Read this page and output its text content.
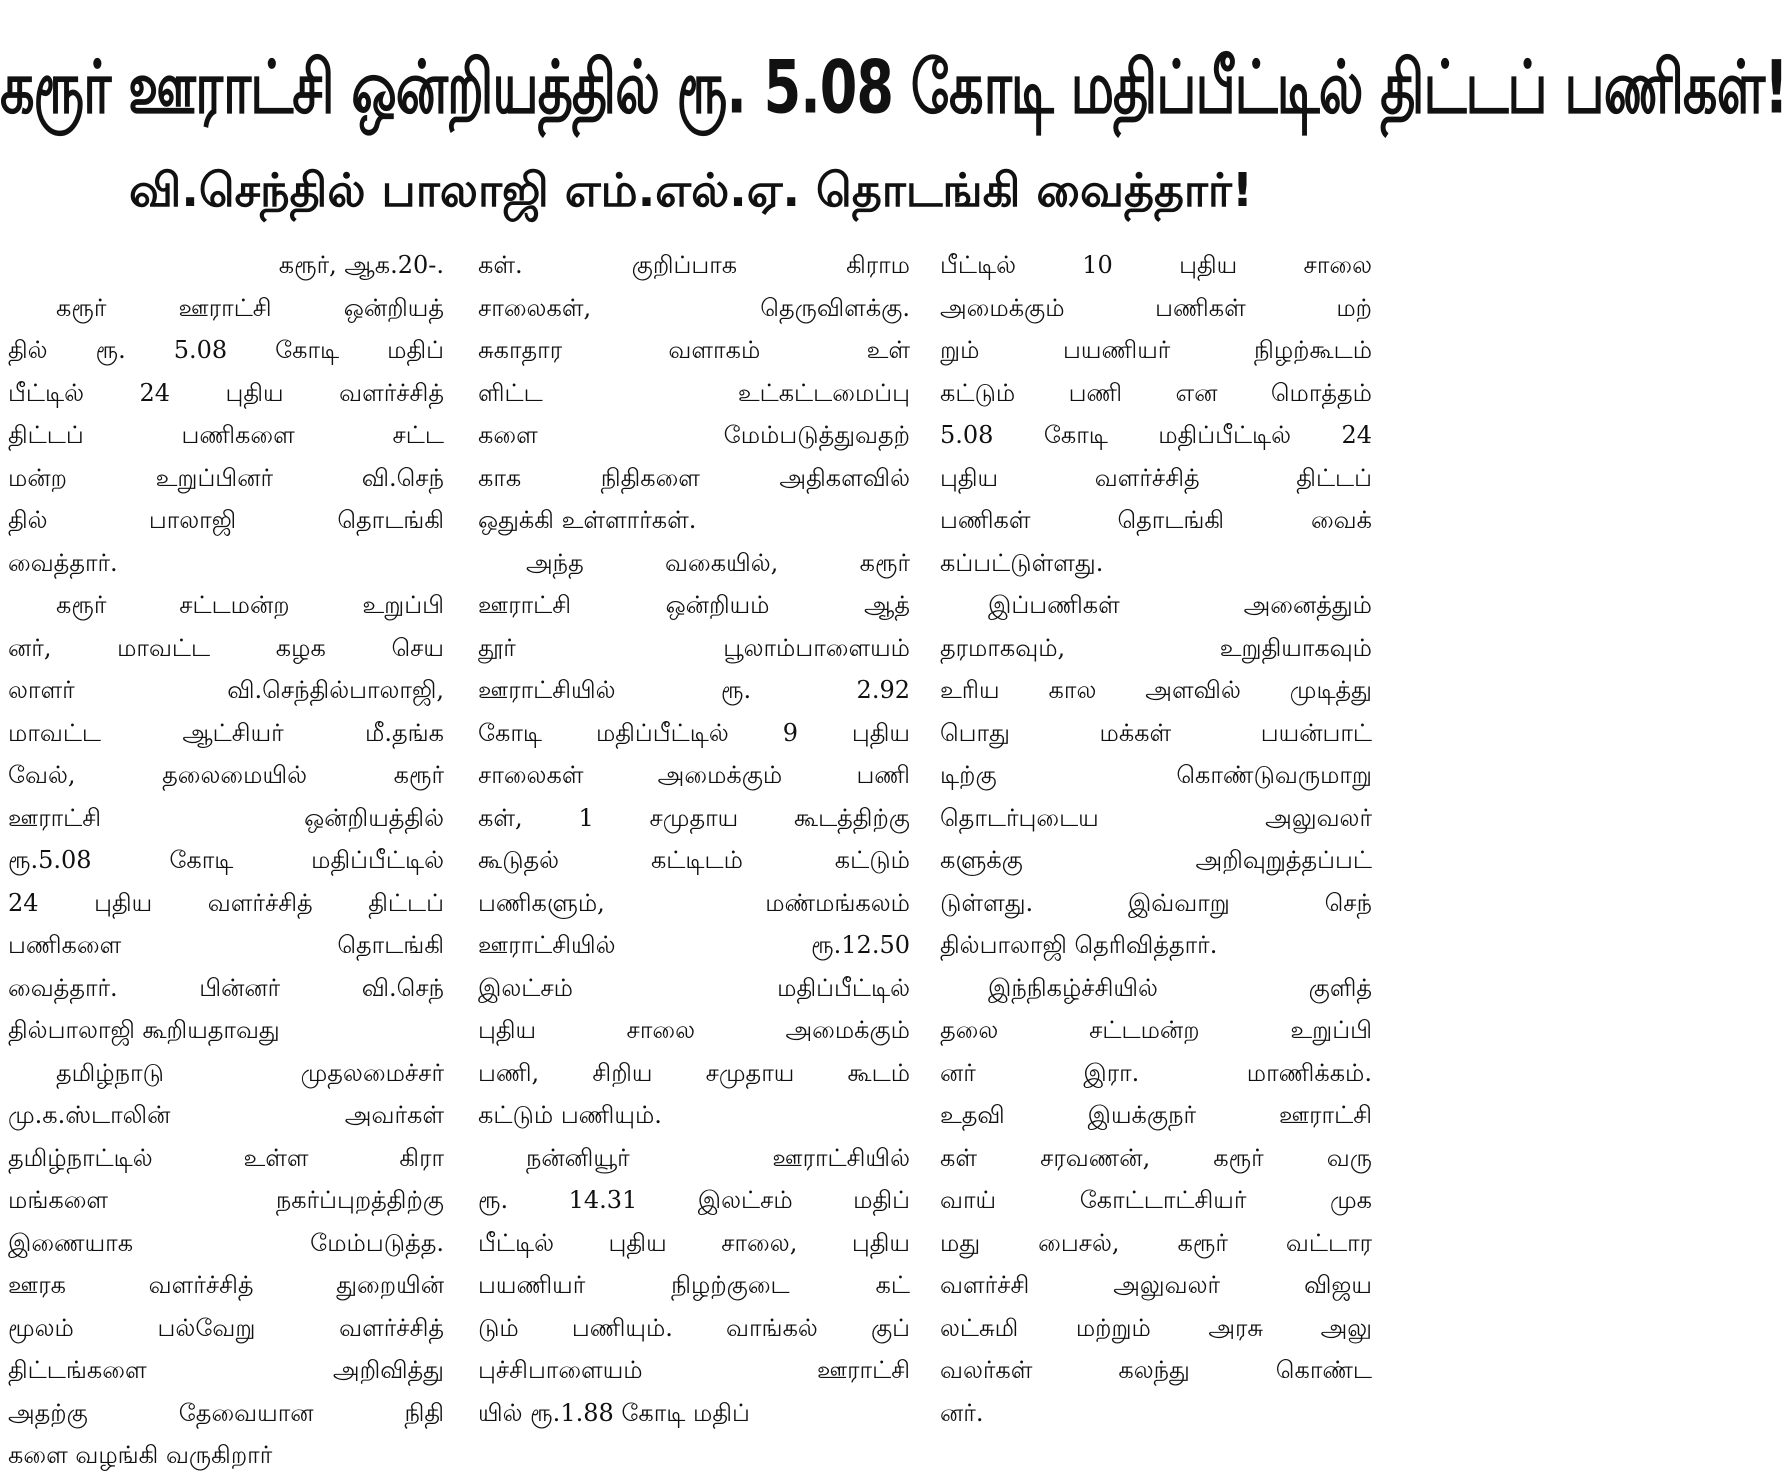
கரூர் ஊராட்சி ஒன்றியத்தில் ரூ. 5.08 கோடி மதிப்பீட்டில் திட்டப் பணிகள்!
வி.செந்தில் பாலாஜி எம்.எல்.ஏ. தொடங்கி வைத்தார்!
கரூர், ஆக.20-.
கரூர் ஊராட்சி ஒன்றியத்
தில் ரூ. 5.08 கோடி மதிப்
பீட்டில் 24 புதிய வளர்ச்சித்
திட்டப் பணிகளை சட்ட
மன்ற உறுப்பினர் வி.செந்
தில் பாலாஜி தொடங்கி
வைத்தார்.
கரூர் சட்டமன்ற உறுப்பி
னர், மாவட்ட கழக செய
லாளர் வி.செந்தில்பாலாஜி,
மாவட்ட ஆட்சியர் மீ.தங்க
வேல், தலைமையில் கரூர்
ஊராட்சி ஒன்றியத்தில்
ரூ.5.08 கோடி மதிப்பீட்டில்
24 புதிய வளர்ச்சித் திட்டப்
பணிகளை தொடங்கி
வைத்தார். பின்னர் வி.செந்
தில்பாலாஜி கூறியதாவது
தமிழ்நாடு முதலமைச்சர்
மு.க.ஸ்டாலின் அவர்கள்
தமிழ்நாட்டில் உள்ள கிரா
மங்களை நகர்ப்புறத்திற்கு
இணையாக மேம்படுத்த.
ஊரக வளர்ச்சித் துறையின்
மூலம் பல்வேறு வளர்ச்சித்
திட்டங்களை அறிவித்து
அதற்கு தேவையான நிதி
களை வழங்கி வருகிறார்
கள். குறிப்பாக கிராம
சாலைகள், தெருவிளக்கு.
சுகாதார வளாகம் உள்
ளிட்ட உட்கட்டமைப்பு
களை மேம்படுத்துவதற்
காக நிதிகளை அதிகளவில்
ஒதுக்கி உள்ளார்கள்.
அந்த வகையில், கரூர்
ஊராட்சி ஒன்றியம் ஆத்
தூர் பூலாம்பாளையம்
ஊராட்சியில் ரூ. 2.92
கோடி மதிப்பீட்டில் 9 புதிய
சாலைகள் அமைக்கும் பணி
கள், 1 சமுதாய கூடத்திற்கு
கூடுதல் கட்டிடம் கட்டும்
பணிகளும், மண்மங்கலம்
ஊராட்சியில் ரூ.12.50
இலட்சம் மதிப்பீட்டில்
புதிய சாலை அமைக்கும்
பணி, சிறிய சமுதாய கூடம்
கட்டும் பணியும்.
நன்னியூர் ஊராட்சியில்
ரூ. 14.31 இலட்சம் மதிப்
பீட்டில் புதிய சாலை, புதிய
பயணியர் நிழற்குடை கட்
டும் பணியும். வாங்கல் குப்
புச்சிபாளையம் ஊராட்சி
யில் ரூ.1.88 கோடி மதிப்
பீட்டில் 10 புதிய சாலை
அமைக்கும் பணிகள் மற்
றும் பயணியர் நிழற்கூடம்
கட்டும் பணி என மொத்தம்
5.08 கோடி மதிப்பீட்டில் 24
புதிய வளர்ச்சித் திட்டப்
பணிகள் தொடங்கி வைக்
கப்பட்டுள்ளது.
இப்பணிகள் அனைத்தும்
தரமாகவும், உறுதியாகவும்
உரிய கால அளவில் முடித்து
பொது மக்கள் பயன்பாட்
டிற்கு கொண்டுவருமாறு
தொடர்புடைய அலுவலர்
களுக்கு அறிவுறுத்தப்பட்
டுள்ளது. இவ்வாறு செந்
தில்பாலாஜி தெரிவித்தார்.
இந்நிகழ்ச்சியில் குளித்
தலை சட்டமன்ற உறுப்பி
னர் இரா. மாணிக்கம்.
உதவி இயக்குநர் ஊராட்சி
கள் சரவணன், கரூர் வரு
வாய் கோட்டாட்சியர் முக
மது பைசல், கரூர் வட்டார
வளர்ச்சி அலுவலர் விஜய
லட்சுமி மற்றும் அரசு அலு
வலர்கள் கலந்து கொண்ட
னர்.
